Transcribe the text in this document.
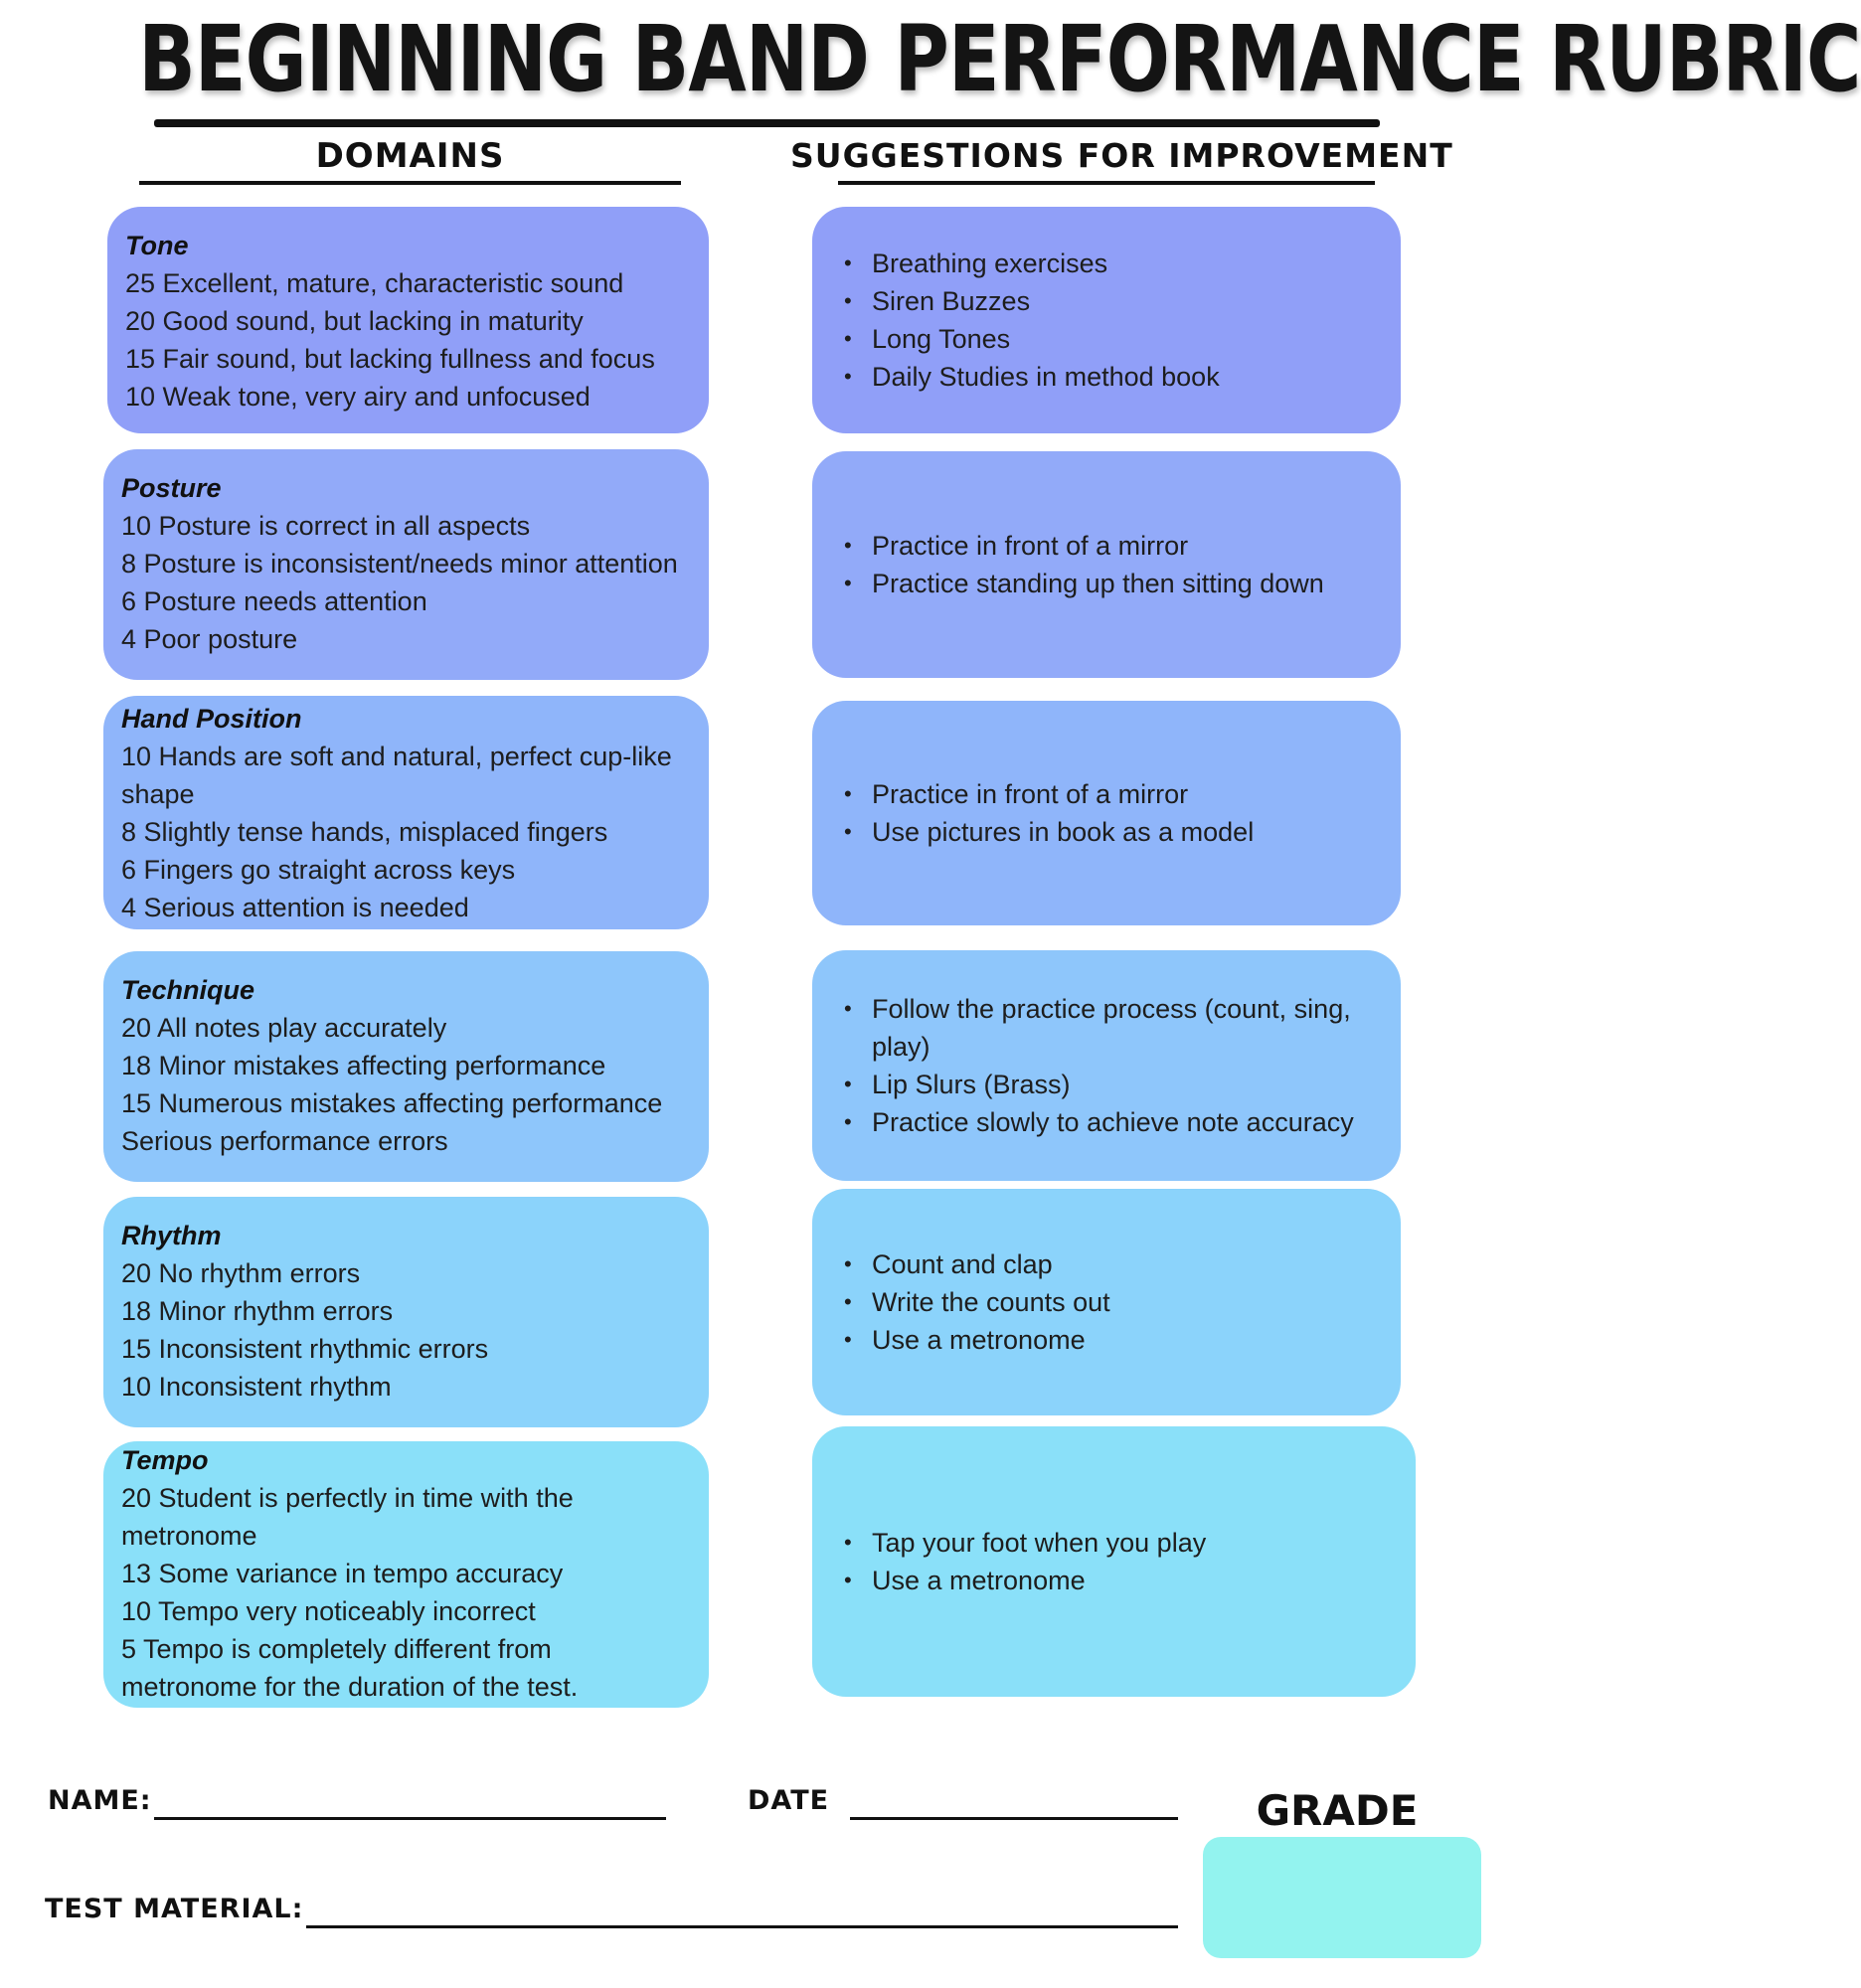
BEGINNING BAND PERFORMANCE RUBRIC
DOMAINS	SUGGESTIONS FOR IMPROVEMENT
Tone
25 Excellent, mature, characteristic sound
20 Good sound, but lacking in maturity
15 Fair sound, but lacking fullness and focus
10 Weak tone, very airy and unfocused
Posture
10 Posture is correct in all aspects
8 Posture is inconsistent/needs minor attention
6 Posture needs attention
4 Poor posture
Hand Position
10 Hands are soft and natural, perfect cup-like
shape
8 Slightly tense hands, misplaced fingers
6 Fingers go straight across keys
4 Serious attention is needed
Technique
20 All notes play accurately
18 Minor mistakes affecting performance
15 Numerous mistakes affecting performance
Serious performance errors
Rhythm
20 No rhythm errors
18 Minor rhythm errors
15 Inconsistent rhythmic errors
10 Inconsistent rhythm
Tempo
20 Student is perfectly in time with the
metronome
13 Some variance in tempo accuracy
10 Tempo very noticeably incorrect
5 Tempo is completely different from
metronome for the duration of the test.
• Breathing exercises
• Siren Buzzes
• Long Tones
• Daily Studies in method book
• Practice in front of a mirror
• Practice standing up then sitting down
• Practice in front of a mirror
• Use pictures in book as a model
• Follow the practice process (count, sing, play)
• Lip Slurs (Brass)
• Practice slowly to achieve note accuracy
• Count and clap
• Write the counts out
• Use a metronome
• Tap your foot when you play
• Use a metronome
NAME:	DATE
TEST MATERIAL:
GRADE
